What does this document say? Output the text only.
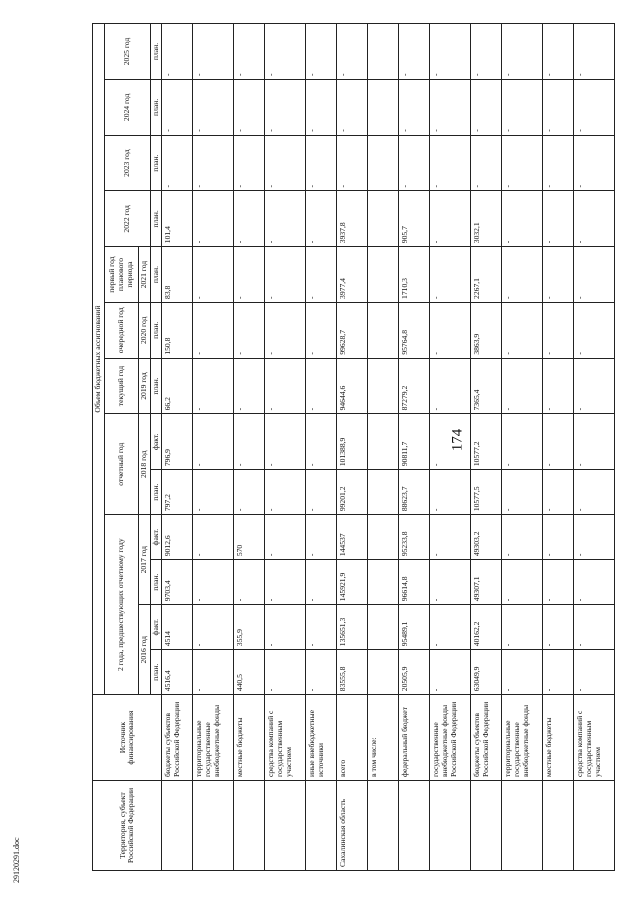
174
29120291.doc
Территория, субъект Российской Федерации	Источник финансирования	Объем бюджетных ассигнований												
		2 года, предшествующих отчетному году				отчетный год		текущий год	очередной год	первый год планового периода	2022 год	2023 год	2024 год	2025 год
		2016 год		2017 год		2018 год		2019 год	2020 год	2021 год				
		план.	факт.	план.	факт.	план.	факт.	план.	план.	план.	план.	план.	план.	план.
	бюджеты субъектов Российской Федерации	4516,4	4514	9703,4	9012,6	797,2	796,9	66,2	150,8	83,8	101,4	-	-	-
	территориальные государственные внебюджетные фонды	-	-	-	-	-	-	-	-	-	-	-	-	-
	местные бюджеты	440,5	355,9	-	570	-	-	-	-	-	-	-	-	-
	средства компаний с государственным участием	-	-	-	-	-	-	-	-	-	-	-	-	-
	иные внебюджетные источники	-	-	-	-	-	-	-	-	-	-	-	-	-
Сахалинская область	всего	83555,8	135651,3	145921,9	144537	99201,2	101388,9	94644,6	99628,7	3977,4	3937,8	-	-	-
	в том числе:													
	федеральный бюджет	20505,9	95489,1	96614,8	95233,8	88623,7	90811,7	87279,2	95764,8	1710,3	905,7	-	-	-
	государственные внебюджетные фонды Российской Федерации	-	-	-	-	-	-	-	-	-	-	-	-	-
	бюджеты субъектов Российской Федерации	63049,9	40162,2	49307,1	49303,2	10577,5	10577,2	7365,4	3863,9	2267,1	3032,1	-	-	-
	территориальные государственные внебюджетные фонды	-	-	-	-	-	-	-	-	-	-	-	-	-
	местные бюджеты	-	-	-	-	-	-	-	-	-	-	-	-	-
	средства компаний с государственным участием	-	-	-	-	-	-	-	-	-	-	-	-	-
